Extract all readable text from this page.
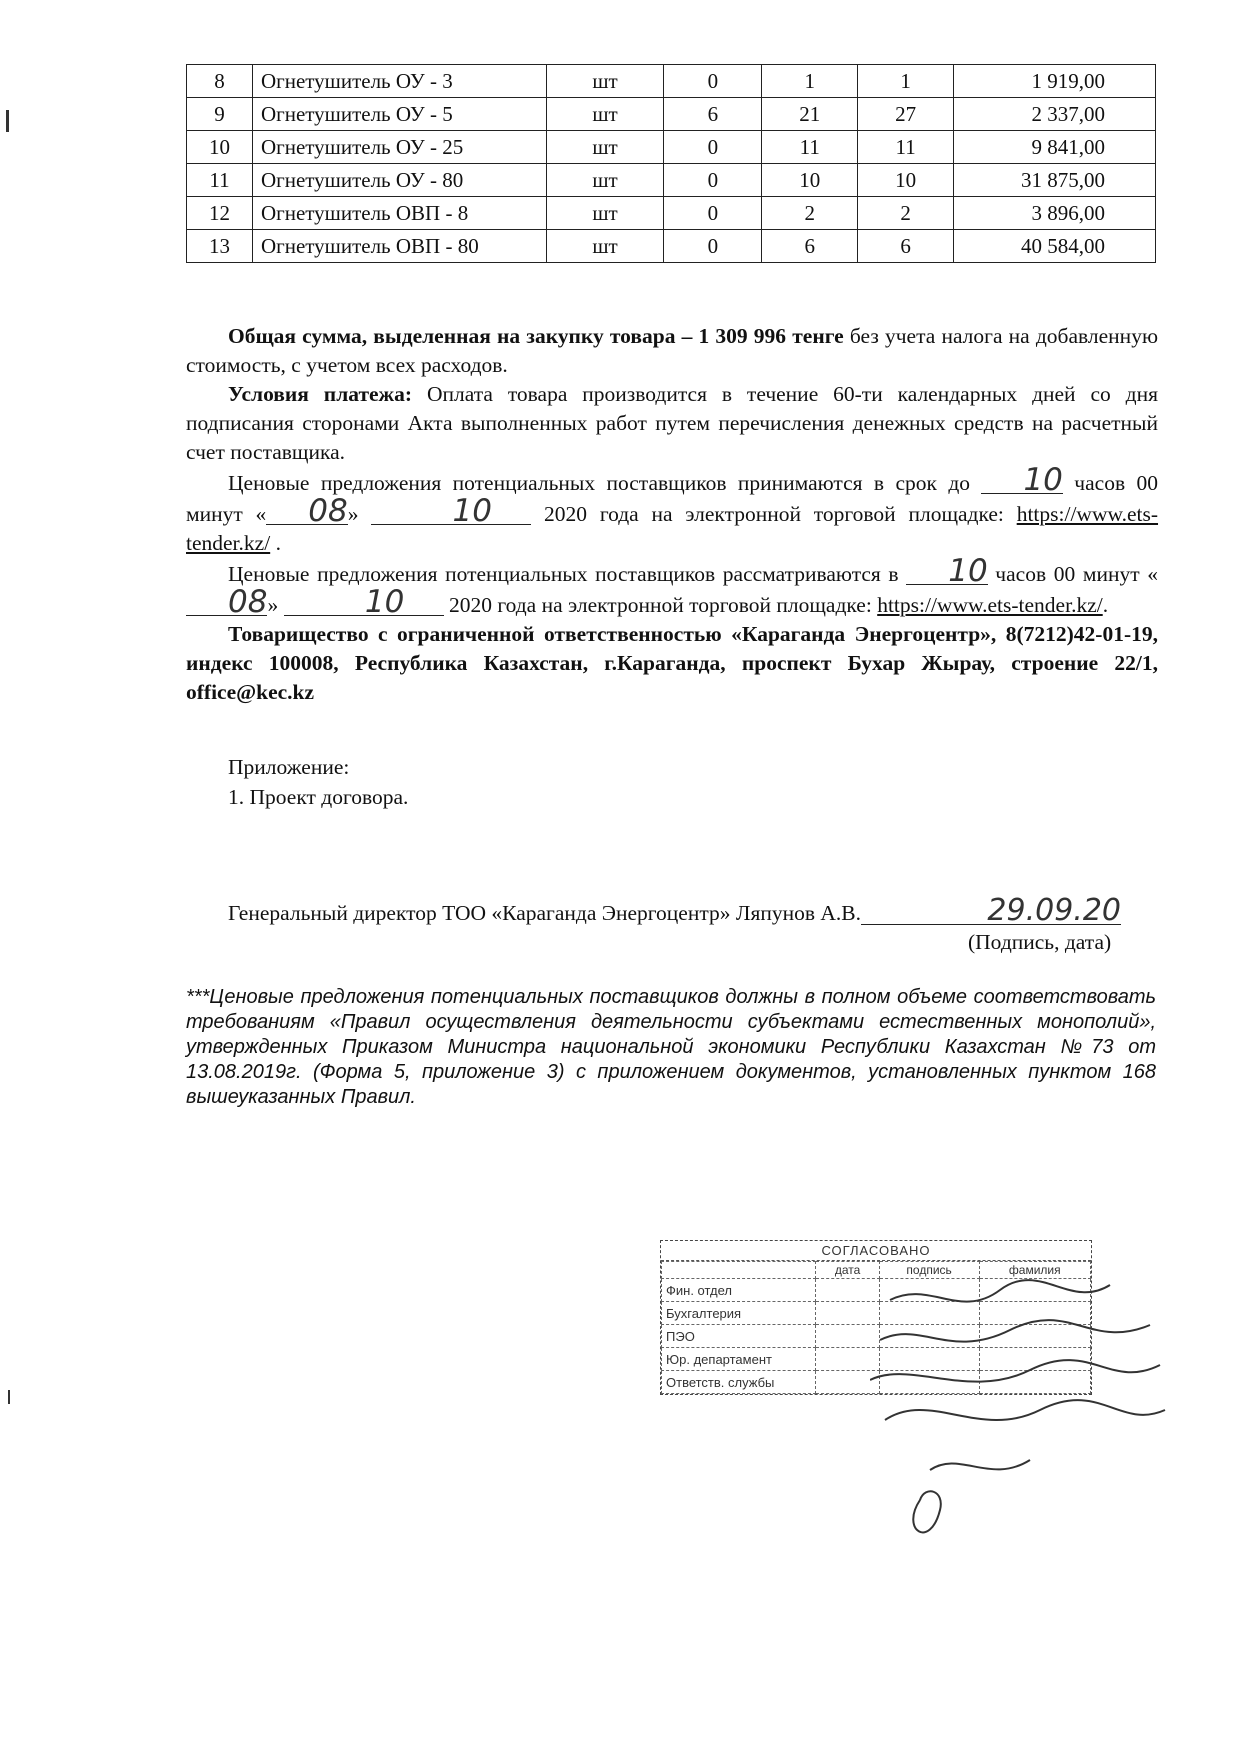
8	Огнетушитель ОУ - 3	шт	0	1	1	1 919,00
9	Огнетушитель ОУ - 5	шт	6	21	27	2 337,00
10	Огнетушитель ОУ - 25	шт	0	11	11	9 841,00
11	Огнетушитель ОУ - 80	шт	0	10	10	31 875,00
12	Огнетушитель ОВП - 8	шт	0	2	2	3 896,00
13	Огнетушитель ОВП - 80	шт	0	6	6	40 584,00

Общая сумма, выделенная на закупку товара – 1 309 996 тенге без учета налога на добавленную стоимость, с учетом всех расходов.

Условия платежа: Оплата товара производится в течение 60-ти календарных дней со дня подписания сторонами Акта выполненных работ путем перечисления денежных средств на расчетный счет поставщика.

Ценовые предложения потенциальных поставщиков принимаются в срок до 10 часов 00 минут « 08»	10 2020 года на электронной торговой площадке: https://www.ets-tender.kz/ .

Ценовые предложения потенциальных поставщиков рассматриваются в 10 часов 00 минут «08»	10 2020 года на электронной торговой площадке: https://www.ets-tender.kz/.

Товарищество с ограниченной ответственностью «Караганда Энергоцентр», 8(7212)42-01-19, индекс 100008, Республика Казахстан, г.Караганда, проспект Бухар Жырау, строение 22/1, office@kec.kz

Приложение:
1. Проект договора.
Генеральный директор ТОО «Караганда Энергоцентр» Ляпунов А.В.	29.09.20
(Подпись, дата)
***Ценовые предложения потенциальных поставщиков должны в полном объеме соответствовать требованиям «Правил осуществления деятельности субъектами естественных монополий», утвержденных Приказом Министра национальной экономики Республики Казахстан №73 от 13.08.2019г. (Форма 5, приложение 3) с приложением документов, установленных пунктом 168 вышеуказанных Правил.
СОГЛАСОВАНО
	дата	подпись	фамилия
Фин. отдел			
Бухгалтерия			
ПЭО			
Юр. департамент			
Ответств. службы			
